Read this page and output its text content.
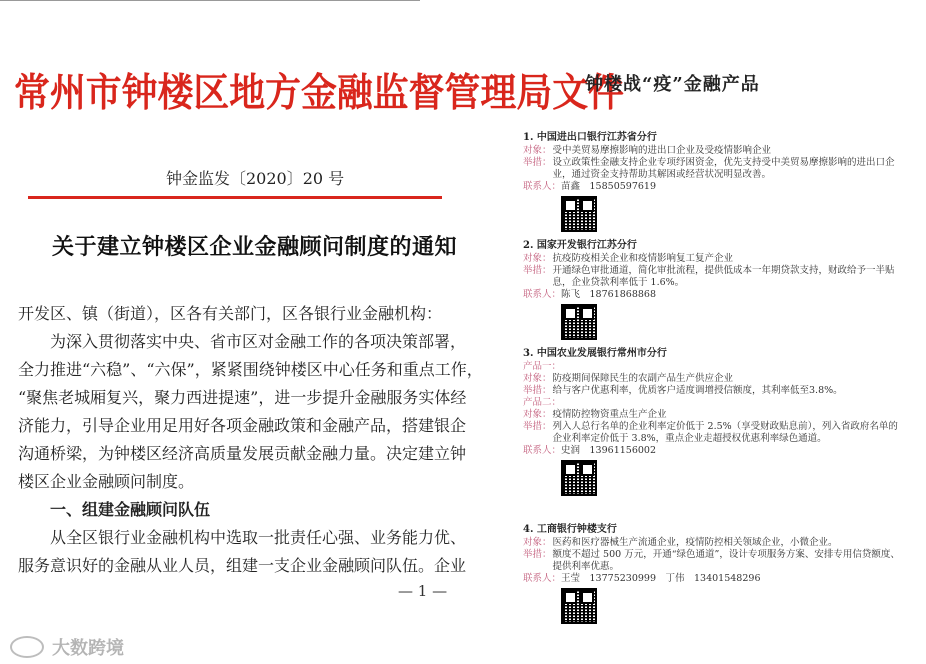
常州市钟楼区地方金融监督管理局文件
钟金监发〔2020〕20 号
关于建立钟楼区企业金融顾问制度的通知
开发区、镇（街道），区各有关部门，区各银行业金融机构：
　　为深入贯彻落实中央、省市区对金融工作的各项决策部署，
全力推进“六稳”、“六保”，紧紧围绕钟楼区中心任务和重点工作，
“聚焦老城厢复兴，聚力西进提速”，进一步提升金融服务实体经
济能力，引导企业用足用好各项金融政策和金融产品，搭建银企
沟通桥梁，为钟楼区经济高质量发展贡献金融力量。决定建立钟
楼区企业金融顾问制度。
　　一、组建金融顾问队伍
　　从全区银行业金融机构中选取一批责任心强、业务能力优、
服务意识好的金融从业人员，组建一支企业金融顾问队伍。企业
— 1 —
钟楼战“疫”金融产品
1. 中国进出口银行江苏省分行
对象： 受中美贸易摩擦影响的进出口企业及受疫情影响企业
举措： 设立政策性金融支持企业专项纾困资金，优先支持受中美贸易摩擦影响的进出口企业，通过资金支持帮助其解困或经营状况明显改善。
联系人：苗鑫　15850597619
2. 国家开发银行江苏分行
对象： 抗疫防疫相关企业和疫情影响复工复产企业
举措： 开通绿色审批通道，简化审批流程，提供低成本一年期贷款支持，财政给予一半贴息，企业贷款利率低于 1.6%。
联系人：陈飞　18761868868
3. 中国农业发展银行常州市分行
产品一：
对象： 防疫期间保障民生的农副产品生产供应企业
举措： 给与客户优惠利率，优质客户适度调增授信额度，其利率低至3.8%。
产品二：
对象： 疫情防控物资重点生产企业
举措： 列入人总行名单的企业利率定价低于 2.5%（享受财政贴息前），列入省政府名单的企业利率定价低于 3.8%，重点企业走超授权优惠利率绿色通道。
联系人：史润　13961156002
4. 工商银行钟楼支行
对象： 医药和医疗器械生产流通企业，疫情防控相关领域企业，小微企业。
举措： 额度不超过 500 万元，开通“绿色通道”，设计专项服务方案、安排专用信贷额度、提供利率优惠。
联系人：王莹　13775230999　丁伟　13401548296
大数跨境
